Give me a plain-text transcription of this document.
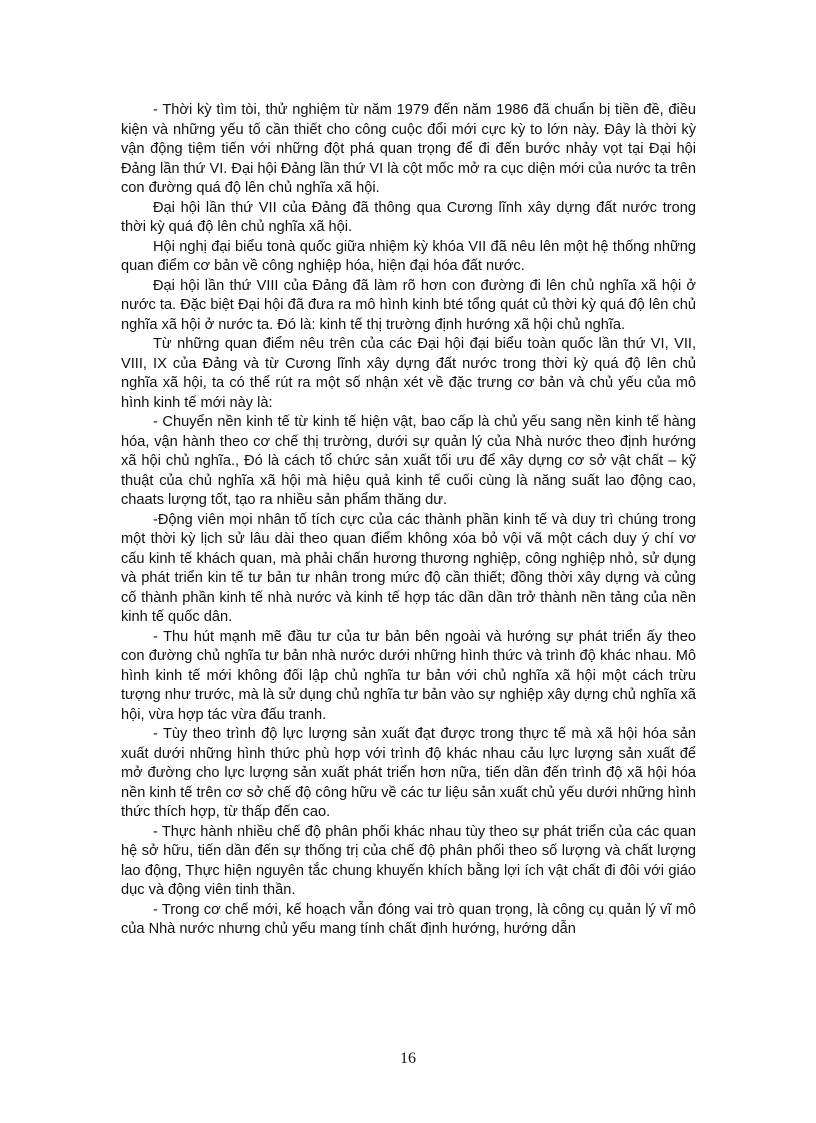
- Thời kỳ tìm tòi, thử nghiệm từ năm 1979 đến năm 1986 đã chuẩn bị tiền đề, điều kiện và những yếu tố cần thiết cho công cuộc đổi mới cực kỳ to lớn này. Đây là thời kỳ vận động tiệm tiến với những đột phá quan trọng để đi đến bước nhảy vọt tại Đại hội Đảng lần thứ VI. Đại hội Đảng lần thứ VI là cột mốc mở ra cục diện mới của nước ta trên con đường quá độ lên chủ nghĩa xã hội.

Đại hội lần thứ VII của Đảng đã thông qua Cương lĩnh xây dựng đất nước trong thời kỳ quá độ lên chủ nghĩa xã hội.

Hội nghị đại biểu tonà quốc giữa nhiệm kỳ khóa VII đã nêu lên một hệ thống những quan điểm cơ bản về công nghiệp hóa, hiện đại hóa đất nước.

Đại hội lần thứ VIII của Đảng đã làm rõ hơn con đường đi lên chủ nghĩa xã hội ở nước ta. Đặc biệt Đại hội đã đưa ra mô hình kinh bté tổng quát củ thời kỳ quá độ lên chủ nghĩa xã hội ở nước ta. Đó là: kinh tế thị trường định hướng xã hội chủ nghĩa.

Từ những quan điểm nêu trên của các Đại hội đại biểu toàn quốc lần thứ VI, VII, VIII, IX của Đảng và từ Cương lĩnh xây dựng đất nước trong thời kỳ quá độ lên chủ nghĩa xã hội, ta có thể rút ra một số nhận xét về đặc trưng cơ bản và chủ yếu của mô hình kinh tế mới này là:

- Chuyển nền kinh tế từ kinh tế hiện vật, bao cấp là chủ yếu sang nền kinh tế hàng hóa, vận hành theo cơ chế thị trường, dưới sự quản lý của Nhà nước theo định hướng xã hội chủ nghĩa., Đó là cách tổ chức sản xuất tối ưu để xây dựng cơ sở vật chất – kỹ thuật của chủ nghĩa xã hội mà hiệu quả kinh tế cuối cùng là năng suất lao động cao, chaats lượng tốt, tạo ra nhiều sản phẩm thăng dư.

-Động viên mọi nhân tố tích cực của các thành phần kinh tế và duy trì chúng trong một thời kỳ lịch sử lâu dài theo quan điểm không xóa bỏ vội vã một cách duy ý chí vơ cấu kinh tế khách quan, mà phải chấn hương thương nghiệp, công nghiệp nhỏ, sử dụng và phát triển kin tế tư bản tư nhân trong mức độ cần thiết; đồng thời xây dựng và củng cố thành phần kinh tế nhà nước và kinh tế hợp tác dần dần trở thành nền tảng của nền kinh tế quốc dân.

- Thu hút mạnh mẽ đầu tư của tư bản bên ngoài và hướng sự phát triển ấy theo con đường chủ nghĩa tư bản nhà nước dưới những hình thức và trình độ khác nhau. Mô hình kinh tế mới không đối lập chủ nghĩa tư bản với chủ nghĩa xã hội một cách trừu tượng như trước, mà là sử dụng chủ nghĩa tư bản vào sự nghiệp xây dựng chủ nghĩa xã hội, vừa hợp tác vừa đấu tranh.

- Tùy theo trình độ lực lượng sản xuất đạt được trong thực tế mà xã hội hóa sản xuất dưới những hình thức phù hợp với trình độ khác nhau cảu lực lượng sản xuất để mở đường cho lực lượng sản xuất phát triển hơn nữa, tiến dần đến trình độ xã hội hóa nền kinh tế trên cơ sở chế độ công hữu về các tư liệu sản xuất chủ yếu dưới những hình thức thích hợp, từ thấp đến cao.

- Thực hành nhiều chế độ phân phối khác nhau tùy theo sự phát triển của các quan hệ sở hữu, tiến dần đến sự thống trị của chế độ phân phối theo số lượng và chất lượng lao động, Thực hiện nguyên tắc chung khuyến khích bằng lợi ích vật chất đi đôi với giáo dục và động viên tinh thần.

- Trong cơ chế mới, kế hoạch vẫn đóng vai trò quan trọng, là công cụ quản lý vĩ mô của Nhà nước nhưng chủ yếu mang tính chất định hướng, hướng dẫn

16
